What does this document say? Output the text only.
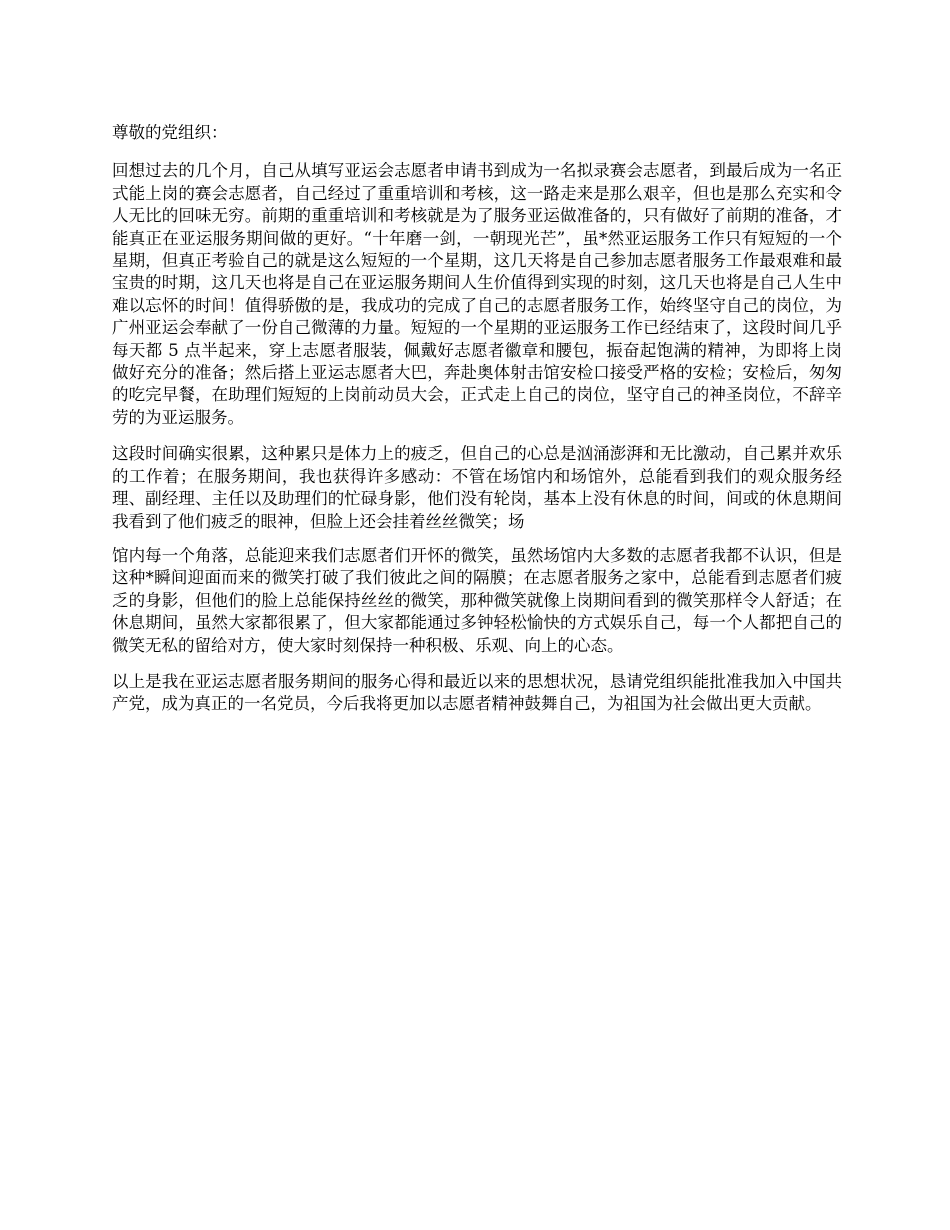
尊敬的党组织：

回想过去的几个月，自己从填写亚运会志愿者申请书到成为一名拟录赛会志愿者，到最后成为一名正式能上岗的赛会志愿者，自己经过了重重培训和考核，这一路走来是那么艰辛，但也是那么充实和令人无比的回味无穷。前期的重重培训和考核就是为了服务亚运做准备的，只有做好了前期的准备，才能真正在亚运服务期间做的更好。“十年磨一剑，一朝现光芒”，虽*然亚运服务工作只有短短的一个星期，但真正考验自己的就是这么短短的一个星期，这几天将是自己参加志愿者服务工作最艰难和最宝贵的时期，这几天也将是自己在亚运服务期间人生价值得到实现的时刻，这几天也将是自己人生中难以忘怀的时间！值得骄傲的是，我成功的完成了自己的志愿者服务工作，始终坚守自己的岗位，为广州亚运会奉献了一份自己微薄的力量。短短的一个星期的亚运服务工作已经结束了，这段时间几乎每天都 5 点半起来，穿上志愿者服装，佩戴好志愿者徽章和腰包，振奋起饱满的精神，为即将上岗做好充分的准备；然后搭上亚运志愿者大巴，奔赴奥体射击馆安检口接受严格的安检；安检后，匆匆的吃完早餐，在助理们短短的上岗前动员大会，正式走上自己的岗位，坚守自己的神圣岗位，不辞辛劳的为亚运服务。

这段时间确实很累，这种累只是体力上的疲乏，但自己的心总是汹涌澎湃和无比激动，自己累并欢乐的工作着；在服务期间，我也获得许多感动：不管在场馆内和场馆外，总能看到我们的观众服务经理、副经理、主任以及助理们的忙碌身影，他们没有轮岗，基本上没有休息的时间，间或的休息期间我看到了他们疲乏的眼神，但脸上还会挂着丝丝微笑；场

馆内每一个角落，总能迎来我们志愿者们开怀的微笑，虽然场馆内大多数的志愿者我都不认识，但是这种*瞬间迎面而来的微笑打破了我们彼此之间的隔膜；在志愿者服务之家中，总能看到志愿者们疲乏的身影，但他们的脸上总能保持丝丝的微笑，那种微笑就像上岗期间看到的微笑那样令人舒适；在休息期间，虽然大家都很累了，但大家都能通过多钟轻松愉快的方式娱乐自己，每一个人都把自己的微笑无私的留给对方，使大家时刻保持一种积极、乐观、向上的心态。

以上是我在亚运志愿者服务期间的服务心得和最近以来的思想状况，恳请党组织能批准我加入中国共产党，成为真正的一名党员，今后我将更加以志愿者精神鼓舞自己，为祖国为社会做出更大贡献。
